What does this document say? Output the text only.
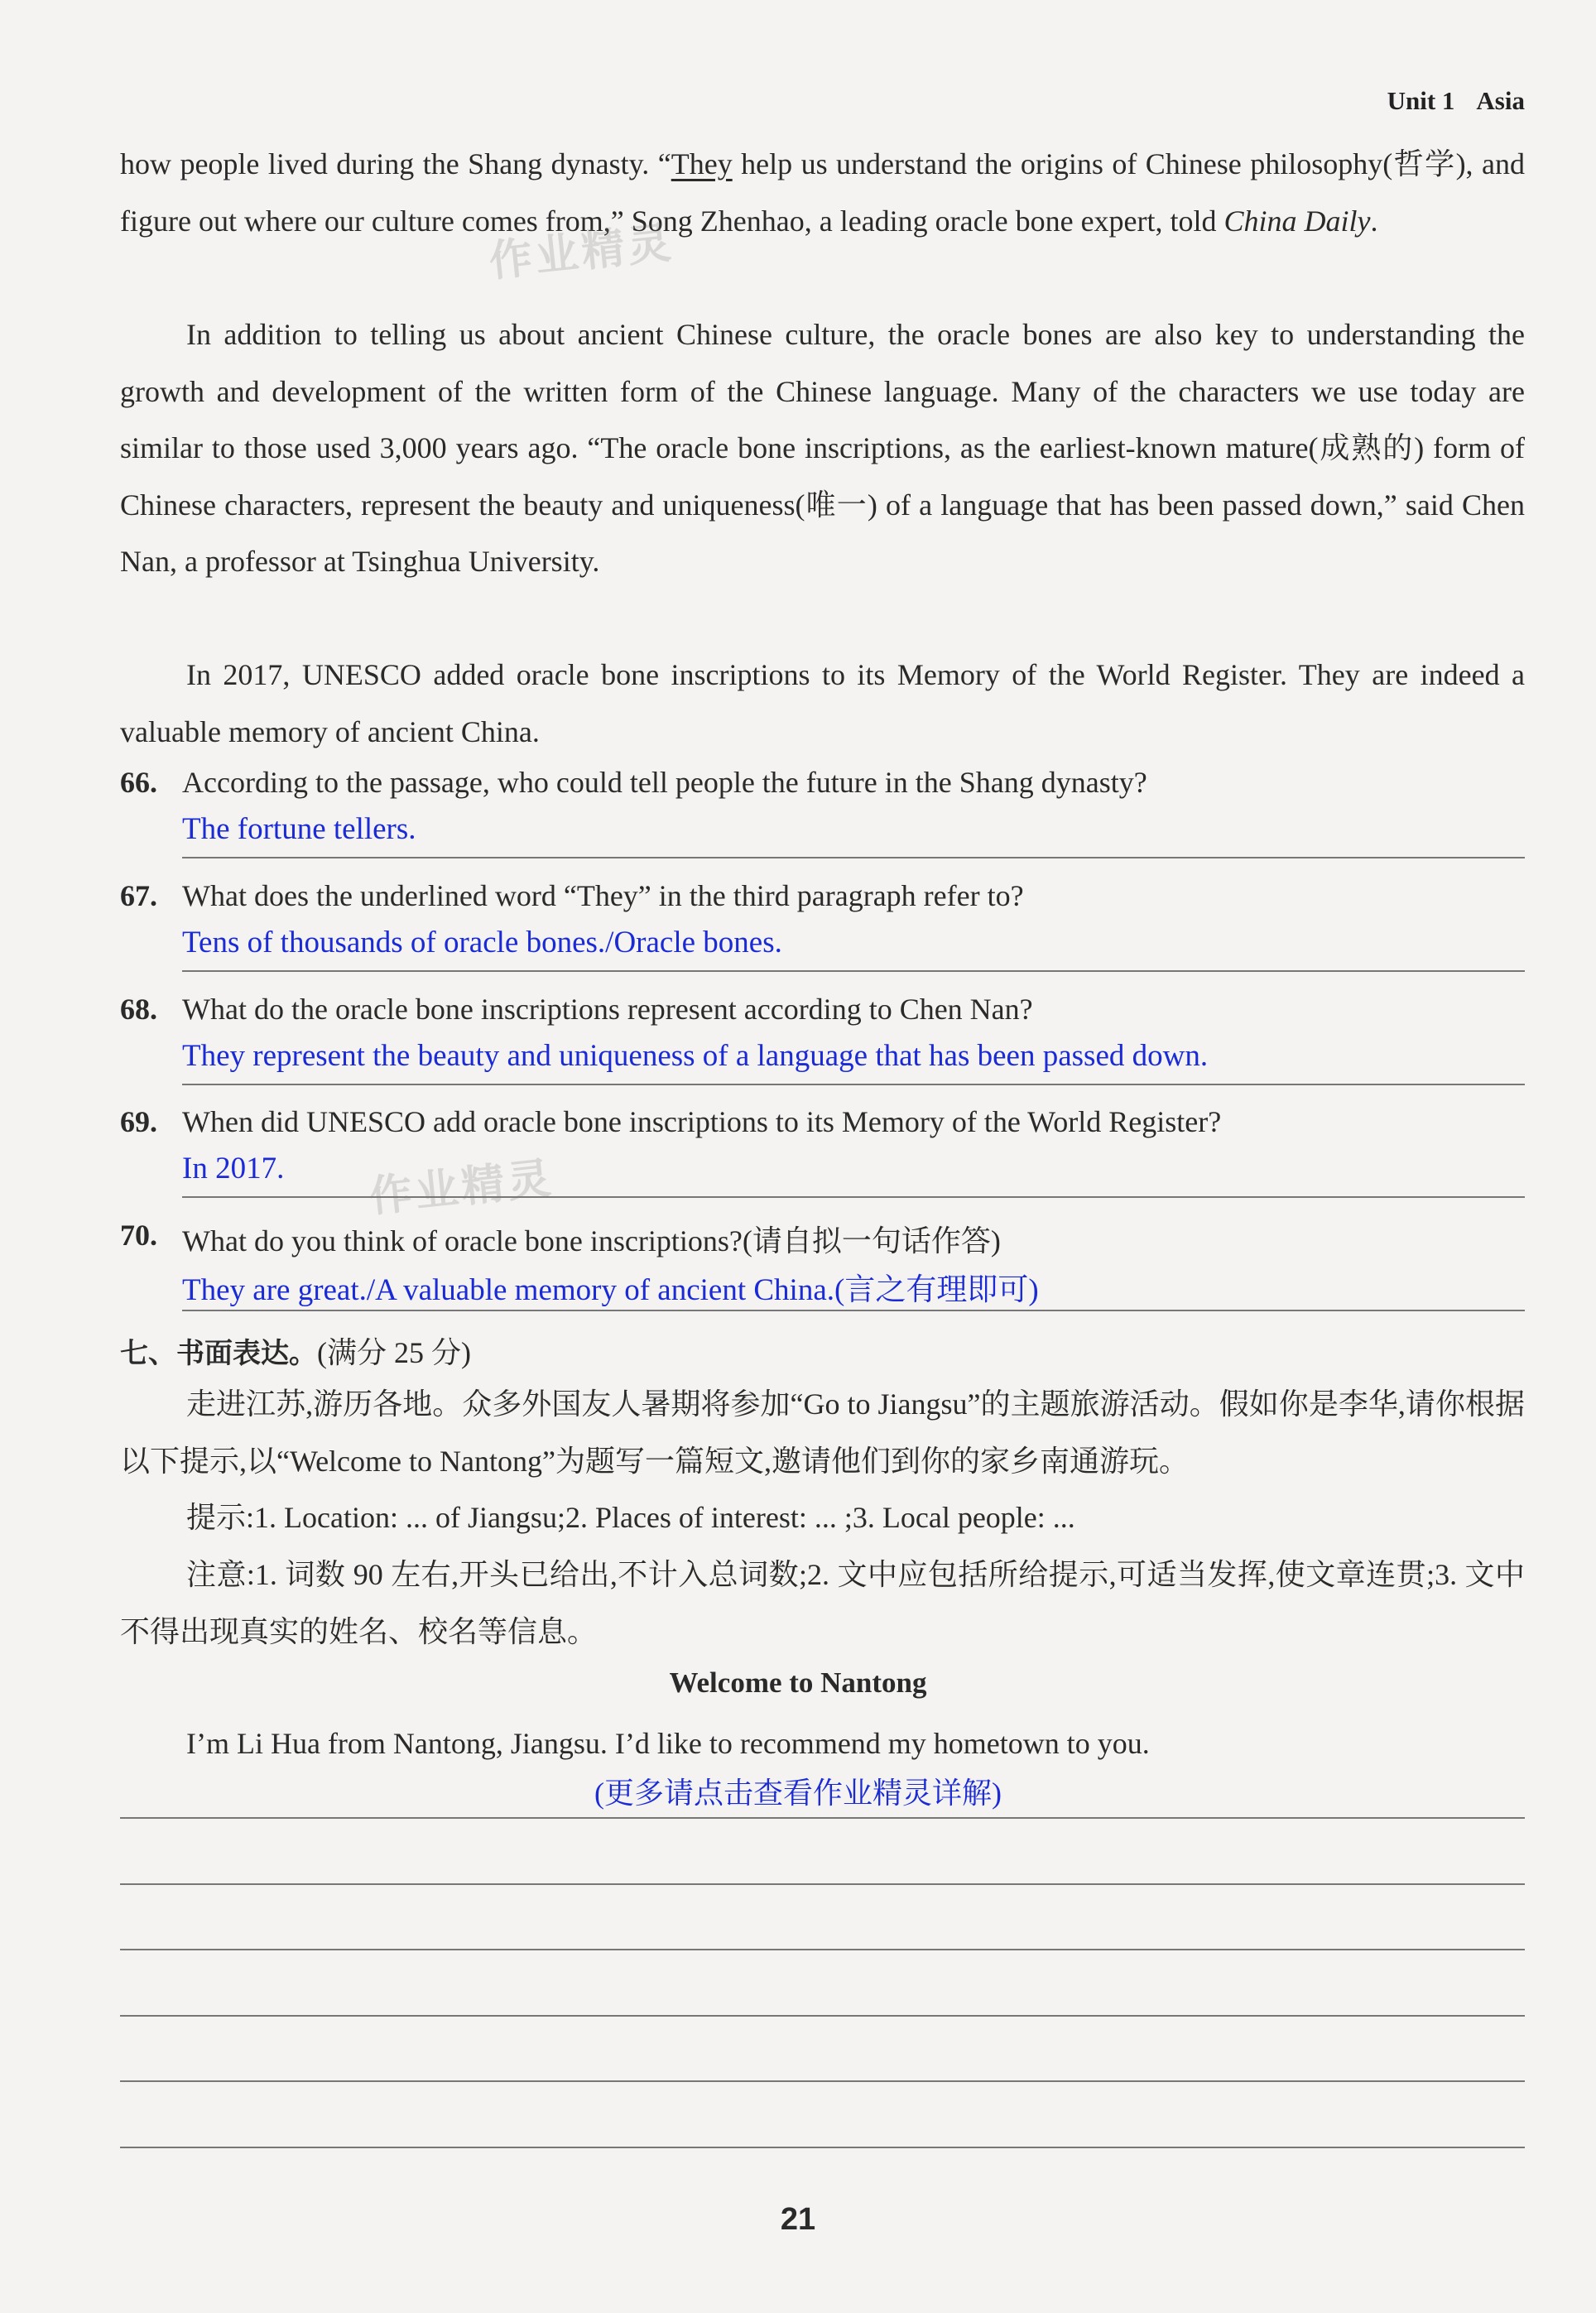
Unit 1 Asia

how people lived during the Shang dynasty. “They help us understand the origins of Chinese philosophy(哲学), and figure out where our culture comes from,” Song Zhenhao, a leading oracle bone expert, told China Daily.

In addition to telling us about ancient Chinese culture, the oracle bones are also key to understanding the growth and development of the written form of the Chinese language. Many of the characters we use today are similar to those used 3,000 years ago. “The oracle bone inscriptions, as the earliest-known mature(成熟的) form of Chinese characters, represent the beauty and uniqueness(唯一) of a language that has been passed down,” said Chen Nan, a professor at Tsinghua University.

In 2017, UNESCO added oracle bone inscriptions to its Memory of the World Register. They are indeed a valuable memory of ancient China.

66. According to the passage, who could tell people the future in the Shang dynasty?
The fortune tellers.
67. What does the underlined word “They” in the third paragraph refer to?
Tens of thousands of oracle bones./Oracle bones.
68. What do the oracle bone inscriptions represent according to Chen Nan?
They represent the beauty and uniqueness of a language that has been passed down.
69. When did UNESCO add oracle bone inscriptions to its Memory of the World Register?
In 2017.
70. What do you think of oracle bone inscriptions?(请自拟一句话作答)
They are great./A valuable memory of ancient China.(言之有理即可)
七、书面表达。(满分 25 分)

走进江苏,游历各地。众多外国友人暑期将参加“Go to Jiangsu”的主题旅游活动。假如你是李华,请你根据以下提示,以“Welcome to Nantong”为题写一篇短文,邀请他们到你的家乡南通游玩。

提示:1. Location: ... of Jiangsu;2. Places of interest: ... ;3. Local people: ...

注意:1. 词数 90 左右,开头已给出,不计入总词数;2. 文中应包括所给提示,可适当发挥,使文章连贯;3. 文中不得出现真实的姓名、校名等信息。

Welcome to Nantong
I’m Li Hua from Nantong, Jiangsu. I’d like to recommend my hometown to you.
(更多请点击查看作业精灵详解)
作业精灵
作业精灵
21
